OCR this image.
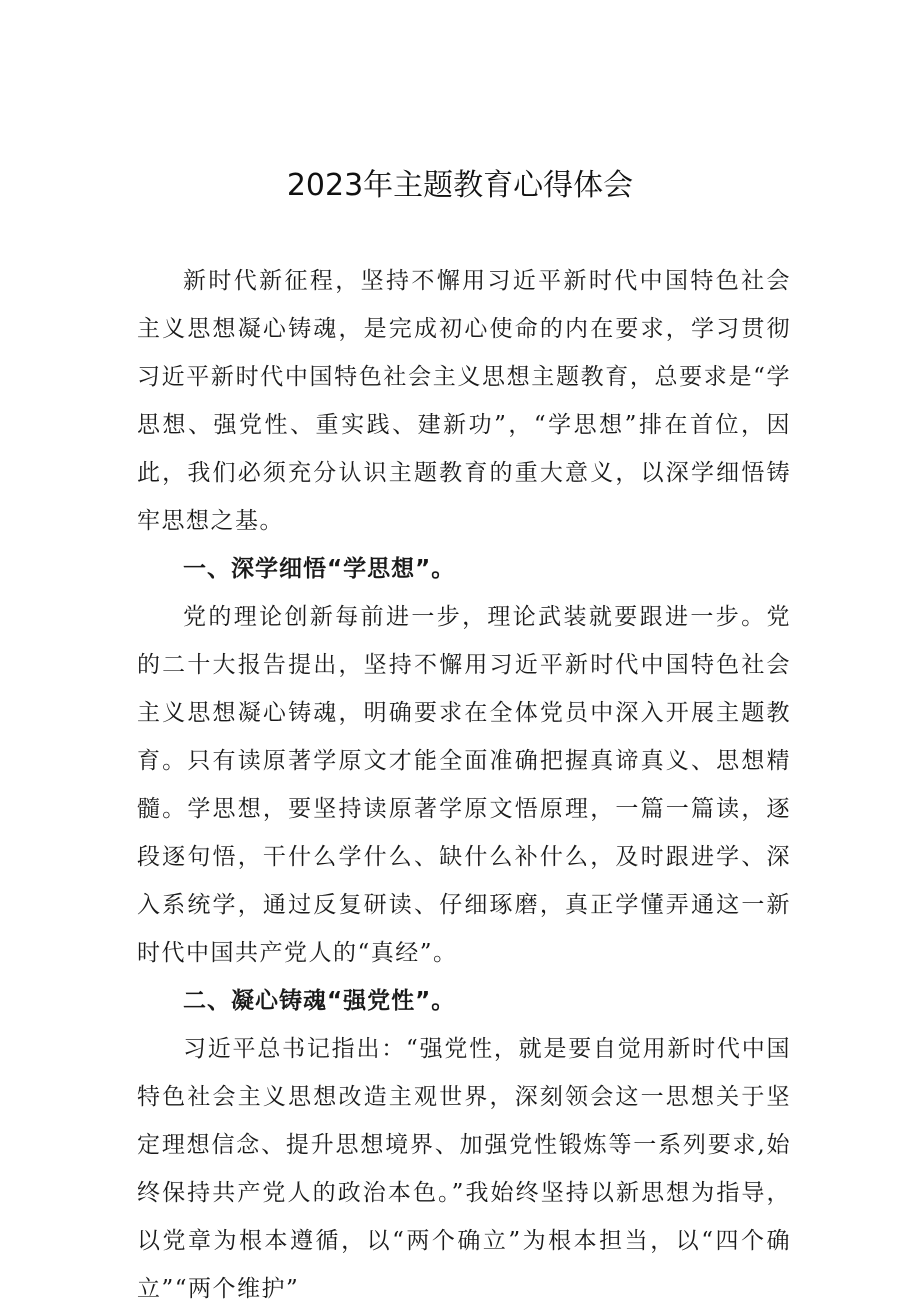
2023年主题教育心得体会

新时代新征程，坚持不懈用习近平新时代中国特色社会主义思想凝心铸魂，是完成初心使命的内在要求，学习贯彻习近平新时代中国特色社会主义思想主题教育，总要求是“学思想、强党性、重实践、建新功”，“学思想”排在首位，因此，我们必须充分认识主题教育的重大意义，以深学细悟铸牢思想之基。

一、深学细悟“学思想”。

党的理论创新每前进一步，理论武装就要跟进一步。党的二十大报告提出，坚持不懈用习近平新时代中国特色社会主义思想凝心铸魂，明确要求在全体党员中深入开展主题教育。只有读原著学原文才能全面准确把握真谛真义、思想精髓。学思想，要坚持读原著学原文悟原理，一篇一篇读，逐段逐句悟，干什么学什么、缺什么补什么，及时跟进学、深入系统学，通过反复研读、仔细琢磨，真正学懂弄通这一新时代中国共产党人的“真经”。

二、凝心铸魂“强党性”。

习近平总书记指出：“强党性，就是要自觉用新时代中国特色社会主义思想改造主观世界，深刻领会这一思想关于坚定理想信念、提升思想境界、加强党性锻炼等一系列要求,始终保持共产党人的政治本色。”我始终坚持以新思想为指导，以党章为根本遵循，以“两个确立”为根本担当，以“四个确立”“两个维护”
